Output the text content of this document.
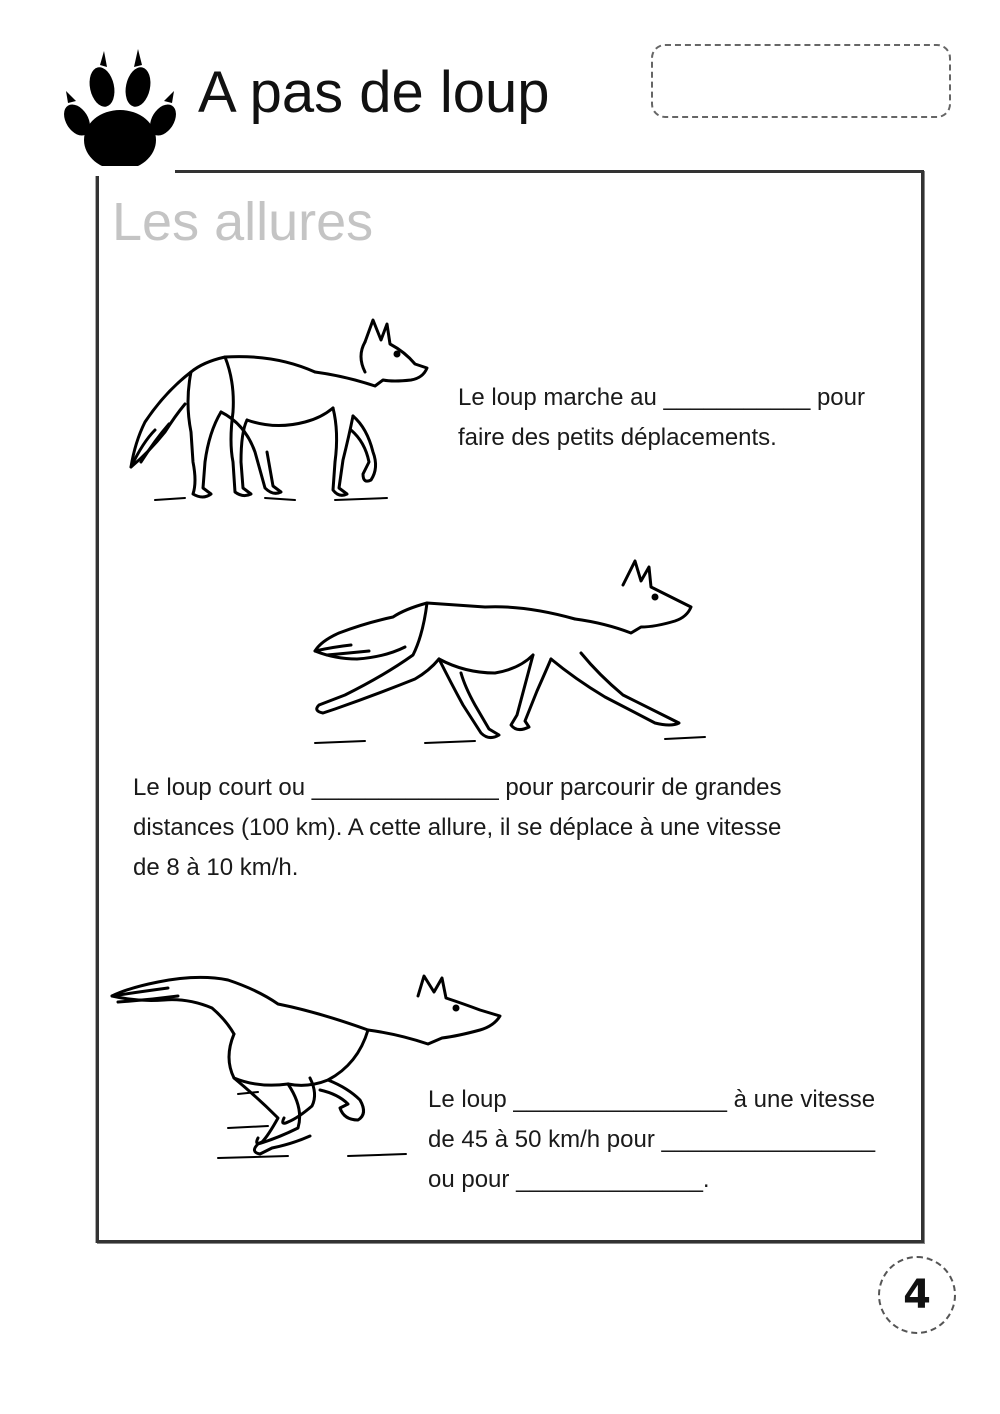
A pas de loup
Les allures
Le loup marche au ___________ pour
faire des petits déplacements.
Le loup court ou ______________ pour parcourir de grandes
distances (100 km). A cette allure, il se déplace à une vitesse
de 8 à 10 km/h.
Le loup ________________ à une vitesse
de 45 à 50 km/h pour ________________
ou pour ______________.
4
